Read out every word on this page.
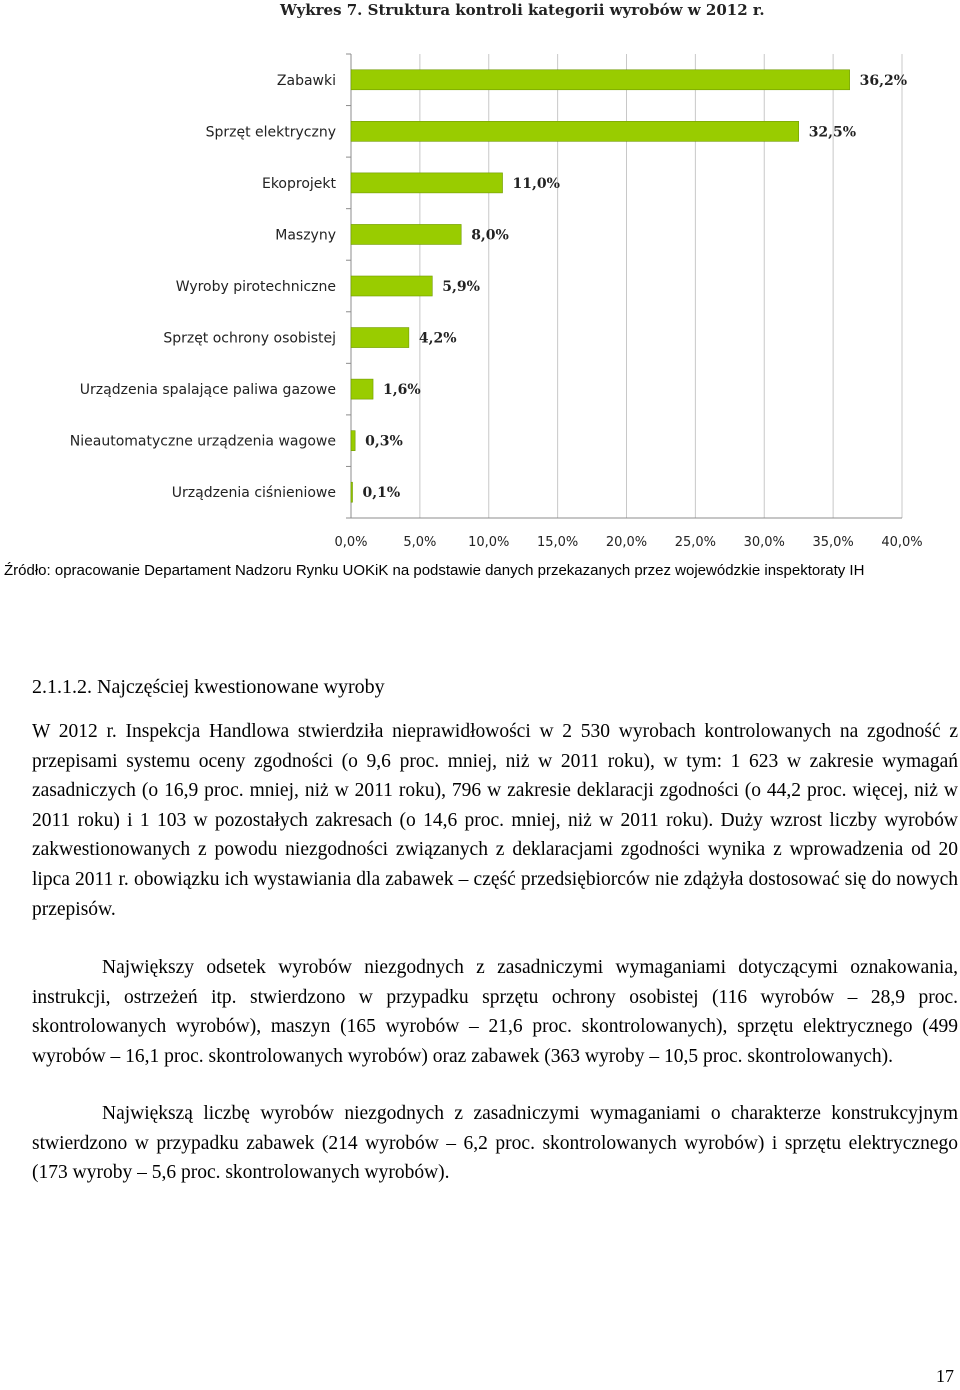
Wykres 7. Struktura kontroli kategorii wyrobów w 2012 r.
0,0%	5,0% 10,0% 15,0% 20,0% 25,0% 30,0% 35,0% 40,0%
Zabawki	36,2%
Sprzęt elektryczny	32,5%
Ekoprojekt	11,0%
Maszyny	8,0%
Wyroby pirotechniczne	5,9%
Sprzęt ochrony osobistej	4,2%
Urządzenia spalające paliwa gazowe	1,6%
Nieautomatyczne urządzenia wagowe 0,3%
Urządzenia ciśnieniowe 0,1%
Źródło: opracowanie Departament Nadzoru Rynku UOKiK na podstawie danych przekazanych przez wojewódzkie inspektoraty IH
2.1.1.2. Najczęściej kwestionowane wyroby

W 2012 r. Inspekcja Handlowa stwierdziła nieprawidłowości w 2 530 wyrobach kontrolowanych na zgodność z przepisami systemu oceny zgodności (o 9,6 proc. mniej, niż w 2011 roku), w tym: 1 623 w zakresie wymagań zasadniczych (o 16,9 proc. mniej, niż w 2011 roku), 796 w zakresie deklaracji zgodności (o 44,2 proc. więcej, niż w 2011 roku) i 1 103 w pozostałych zakresach (o 14,6 proc. mniej, niż w 2011 roku). Duży wzrost liczby wyrobów zakwestionowanych z powodu niezgodności związanych z deklaracjami zgodności wynika z wprowadzenia od 20 lipca 2011 r. obowiązku ich wystawiania dla zabawek – część przedsiębiorców nie zdążyła dostosować się do nowych przepisów.

Największy odsetek wyrobów niezgodnych z zasadniczymi wymaganiami dotyczącymi oznakowania, instrukcji, ostrzeżeń itp. stwierdzono w przypadku sprzętu ochrony osobistej (116 wyrobów – 28,9 proc. skontrolowanych wyrobów), maszyn (165 wyrobów – 21,6 proc. skontrolowanych), sprzętu elektrycznego (499 wyrobów – 16,1 proc. skontrolowanych wyrobów) oraz zabawek (363 wyroby – 10,5 proc. skontrolowanych).

Największą liczbę wyrobów niezgodnych z zasadniczymi wymaganiami o charakterze konstrukcyjnym stwierdzono w przypadku zabawek (214 wyrobów – 6,2 proc. skontrolowanych wyrobów) i sprzętu elektrycznego (173 wyroby – 5,6 proc. skontrolowanych wyrobów).

17
